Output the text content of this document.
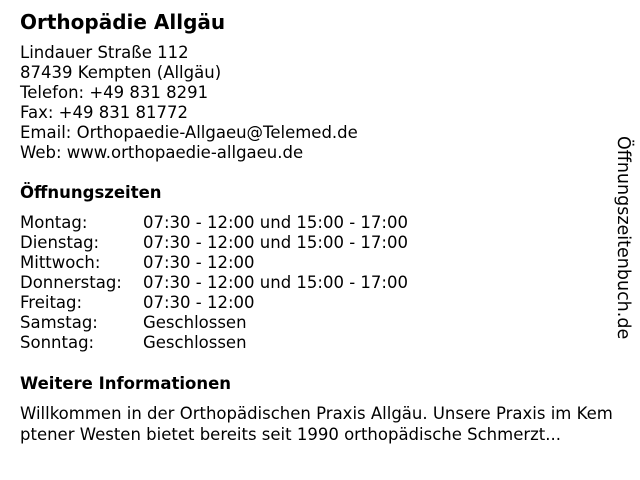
Orthopädie Allgäu
Lindauer Straße 112
87439 Kempten (Allgäu)
Telefon: +49 831 8291
Fax: +49 831 81772
Email: Orthopaedie-Allgaeu@Telemed.de
Web: www.orthopaedie-allgaeu.de
Öffnungszeiten
Montag:	07:30 - 12:00 und 15:00 - 17:00
Dienstag:	07:30 - 12:00 und 15:00 - 17:00
Mittwoch:	07:30 - 12:00
Donnerstag:	07:30 - 12:00 und 15:00 - 17:00
Freitag:	07:30 - 12:00
Samstag:	Geschlossen
Sonntag:	Geschlossen
Weitere Informationen
Willkommen in der Orthopädischen Praxis Allgäu. Unsere Praxis im Kemptener Westen bietet bereits seit 1990 orthopädische Schmerzt...
Öffnungszeitenbuch.de
